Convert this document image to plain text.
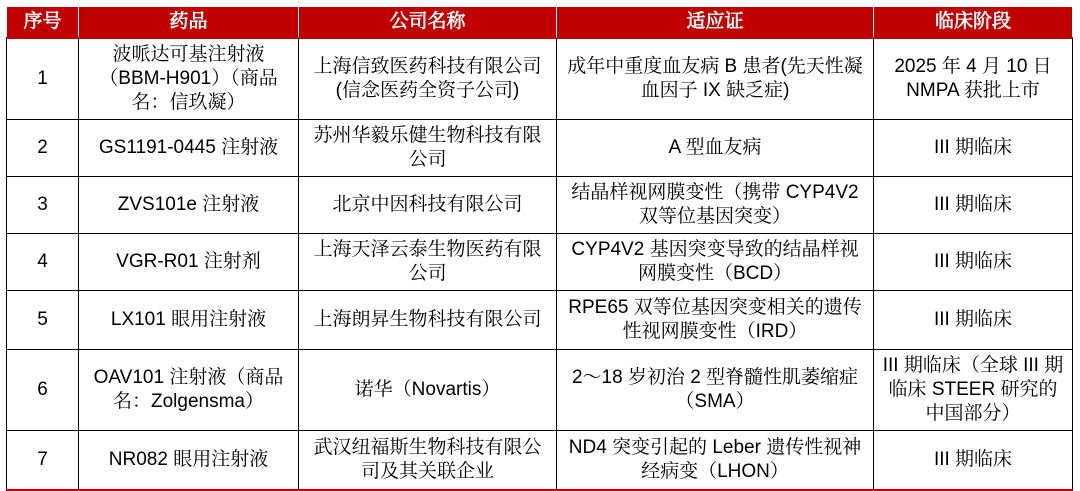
序号	药品	公司名称	适应证	临床阶段
1	波哌达可基注射液（BBM-H901）（商品名：信玖凝）	上海信致医药科技有限公司(信念医药全资子公司)	成年中重度血友病 B 患者(先天性凝血因子 IX 缺乏症)	2025 年 4 月 10 日 NMPA 获批上市
2	GS1191-0445 注射液	苏州华毅乐健生物科技有限公司	A 型血友病	III 期临床
3	ZVS101e 注射液	北京中因科技有限公司	结晶样视网膜变性（携带 CYP4V2 双等位基因突变）	III 期临床
4	VGR-R01 注射剂	上海天泽云泰生物医药有限公司	CYP4V2 基因突变导致的结晶样视网膜变性（BCD）	III 期临床
5	LX101 眼用注射液	上海朗昇生物科技有限公司	RPE65 双等位基因突变相关的遗传性视网膜变性（IRD）	III 期临床
6	OAV101 注射液（商品名：Zolgensma）	诺华（Novartis）	2～18 岁初治 2 型脊髓性肌萎缩症（SMA）	III 期临床（全球 III 期临床 STEER 研究的中国部分）
7	NR082 眼用注射液	武汉纽福斯生物科技有限公司及其关联企业	ND4 突变引起的 Leber 遗传性视神经病变（LHON）	III 期临床
